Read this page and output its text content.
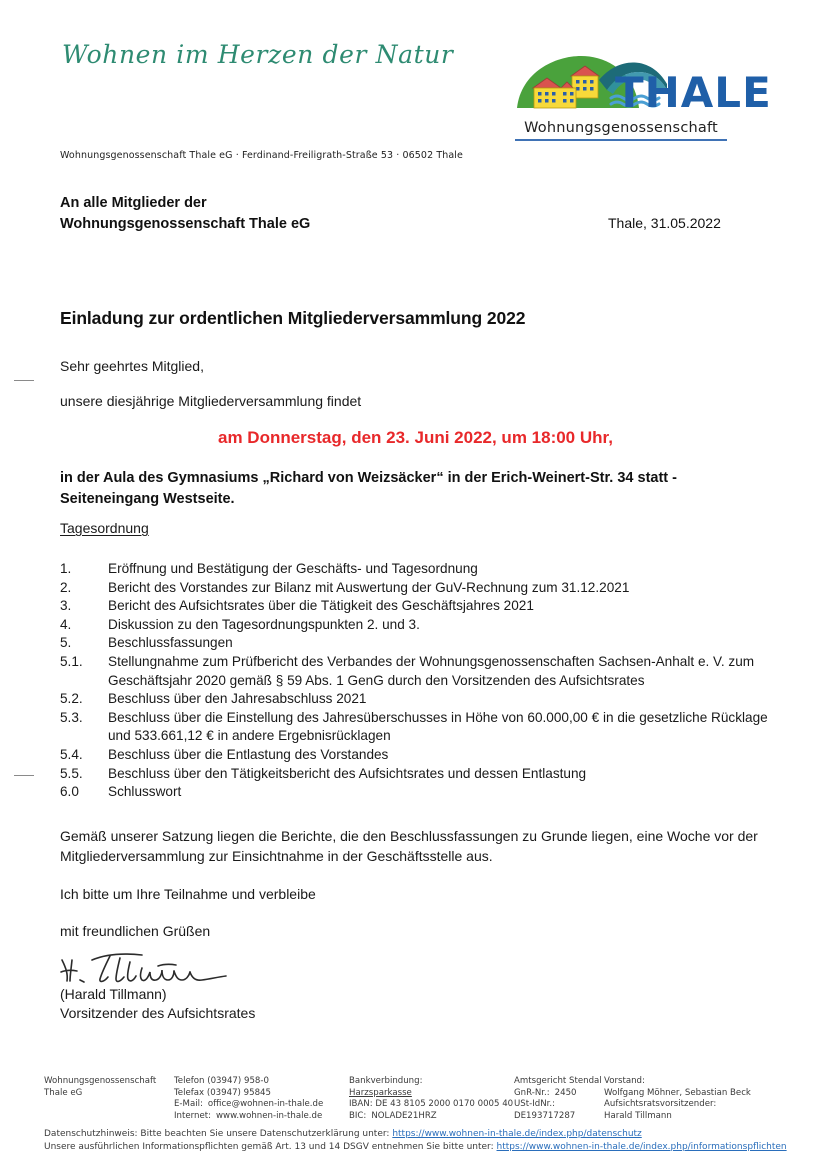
Wohnen im Herzen der Natur
THALE
Wohnungsgenossenschaft
Wohnungsgenossenschaft Thale eG · Ferdinand-Freiligrath-Straße 53 · 06502 Thale
An alle Mitglieder der
Wohnungsgenossenschaft Thale eG	Thale, 31.05.2022
Einladung zur ordentlichen Mitgliederversammlung 2022
Sehr geehrtes Mitglied,
unsere diesjährige Mitgliederversammlung findet
am Donnerstag, den 23. Juni 2022, um 18:00 Uhr,
in der Aula des Gymnasiums „Richard von Weizsäcker“ in der Erich-Weinert-Str. 34 statt - Seiteneingang Westseite.
Tagesordnung
1.	Eröffnung und Bestätigung der Geschäfts- und Tagesordnung
2.	Bericht des Vorstandes zur Bilanz mit Auswertung der GuV-Rechnung zum 31.12.2021
3.	Bericht des Aufsichtsrates über die Tätigkeit des Geschäftsjahres 2021
4.	Diskussion zu den Tagesordnungspunkten 2. und 3.
5.	Beschlussfassungen
5.1.	Stellungnahme zum Prüfbericht des Verbandes der Wohnungsgenossenschaften Sachsen-Anhalt e. V. zum Geschäftsjahr 2020 gemäß § 59 Abs. 1 GenG durch den Vorsitzenden des Aufsichtsrates
5.2.	Beschluss über den Jahresabschluss 2021
5.3.	Beschluss über die Einstellung des Jahresüberschusses in Höhe von 60.000,00 € in die gesetzliche Rücklage und 533.661,12 € in andere Ergebnisrücklagen
5.4.	Beschluss über die Entlastung des Vorstandes
5.5.	Beschluss über den Tätigkeitsbericht des Aufsichtsrates und dessen Entlastung
6.0	Schlusswort
Gemäß unserer Satzung liegen die Berichte, die den Beschlussfassungen zu Grunde liegen, eine Woche vor der Mitgliederversammlung zur Einsichtnahme in der Geschäftsstelle aus.
Ich bitte um Ihre Teilnahme und verbleibe
mit freundlichen Grüßen
(Harald Tillmann)
Vorsitzender des Aufsichtsrates
Wohnungsgenossenschaft
Thale eG
Telefon (03947) 958-0
Telefax (03947) 95845
E-Mail: office@wohnen-in-thale.de
Internet: www.wohnen-in-thale.de
Bankverbindung:
Harzsparkasse
IBAN: DE 43 8105 2000 0170 0005 40
BIC: NOLADE21HRZ
Amtsgericht Stendal
GnR-Nr.: 2450
USt-IdNr.:
DE193717287
Vorstand:
Wolfgang Möhner, Sebastian Beck
Aufsichtsratsvorsitzender:
Harald Tillmann
Datenschutzhinweis: Bitte beachten Sie unsere Datenschutzerklärung unter: https://www.wohnen-in-thale.de/index.php/datenschutz
Unsere ausführlichen Informationspflichten gemäß Art. 13 und 14 DSGV entnehmen Sie bitte unter: https://www.wohnen-in-thale.de/index.php/informationspflichten
